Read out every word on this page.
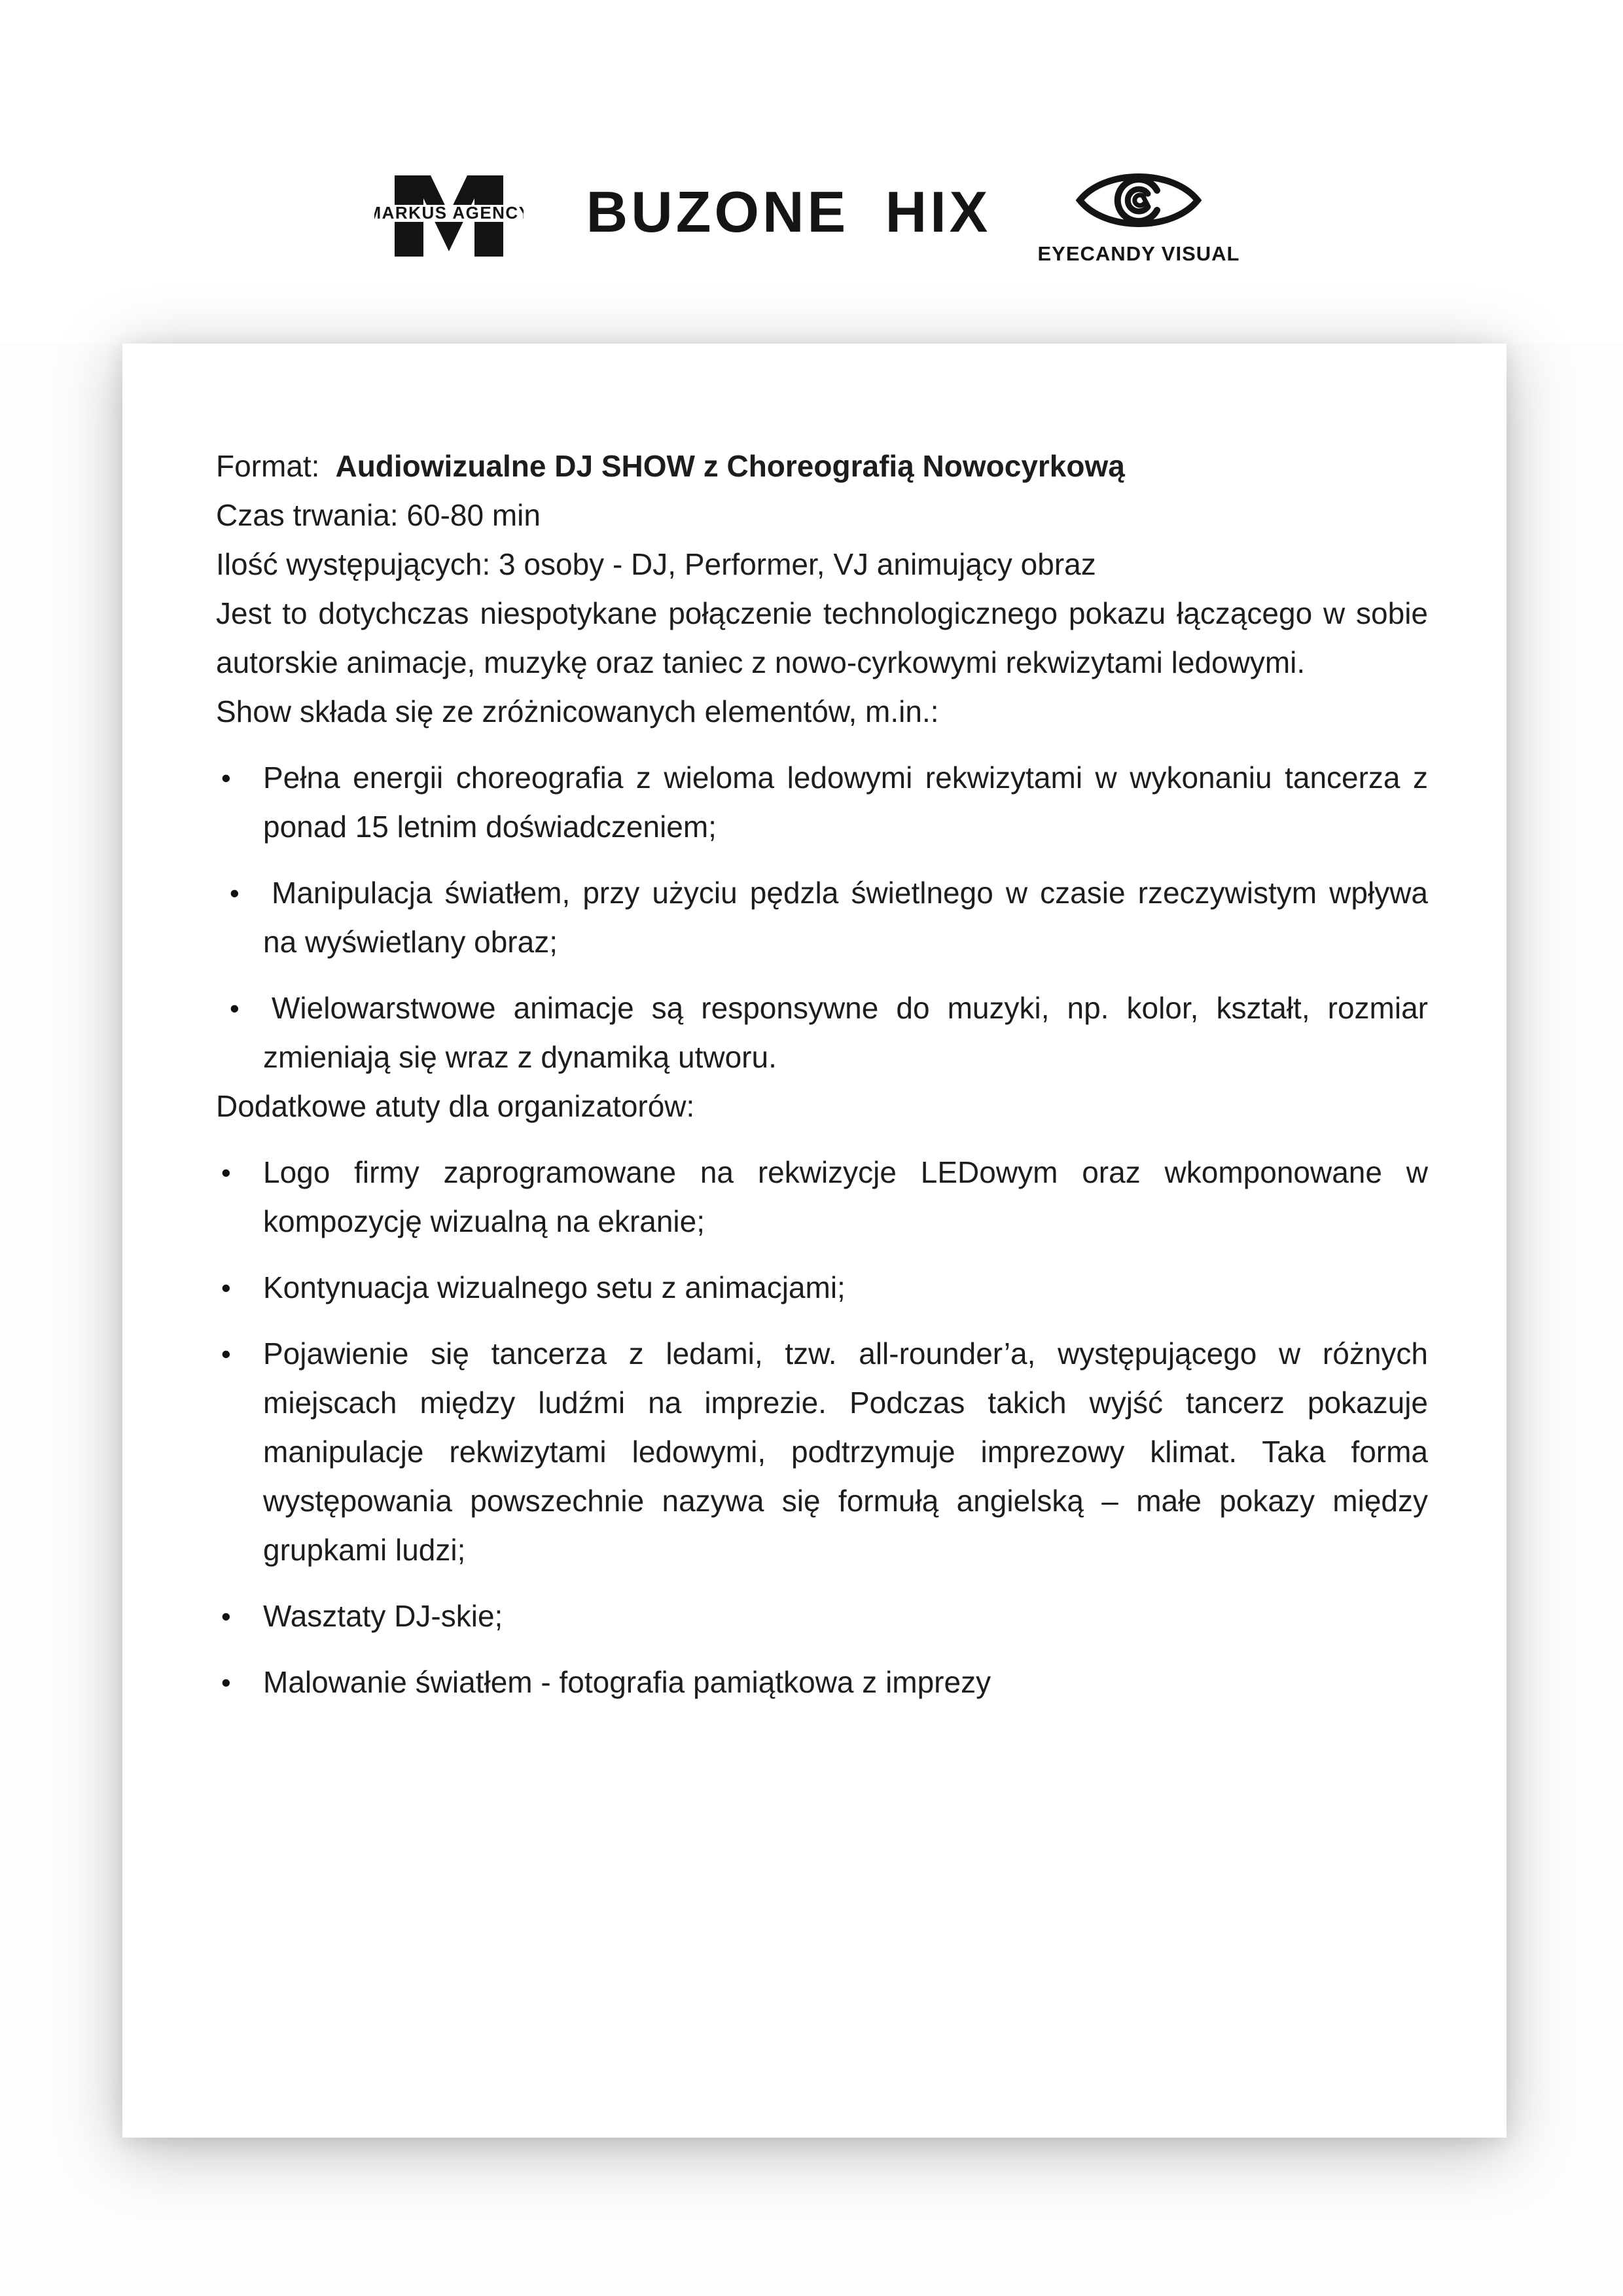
MARKUS AGENCY BUZONE HIX
EYECANDY VISUAL

Format: Audiowizualne DJ SHOW z Choreografią Nowocyrkową

Czas trwania: 60-80 min

Ilość występujących: 3 osoby - DJ, Performer, VJ animujący obraz

Jest to dotychczas niespotykane połączenie technologicznego pokazu łączącego w sobie autorskie animacje, muzykę oraz taniec z nowo-cyrkowymi rekwizytami ledowymi.

Show składa się ze zróżnicowanych elementów, m.in.:

• Pełna energii choreografia z wieloma ledowymi rekwizytami w wykonaniu tancerza z ponad 15 letnim doświadczeniem;
• Manipulacja światłem, przy użyciu pędzla świetlnego w czasie rzeczywistym wpływa na wyświetlany obraz;
• Wielowarstwowe animacje są responsywne do muzyki, np. kolor, kształt, rozmiar zmieniają się wraz z dynamiką utworu.

Dodatkowe atuty dla organizatorów:

• Logo firmy zaprogramowane na rekwizycje LEDowym oraz wkomponowane w kompozycję wizualną na ekranie;
• Kontynuacja wizualnego setu z animacjami;
• Pojawienie się tancerza z ledami, tzw. all-rounder’a, występującego w różnych miejscach między ludźmi na imprezie. Podczas takich wyjść tancerz pokazuje manipulacje rekwizytami ledowymi, podtrzymuje imprezowy klimat. Taka forma występowania powszechnie nazywa się formułą angielską – małe pokazy między grupkami ludzi;
• Wasztaty DJ-skie;
• Malowanie światłem - fotografia pamiątkowa z imprezy
